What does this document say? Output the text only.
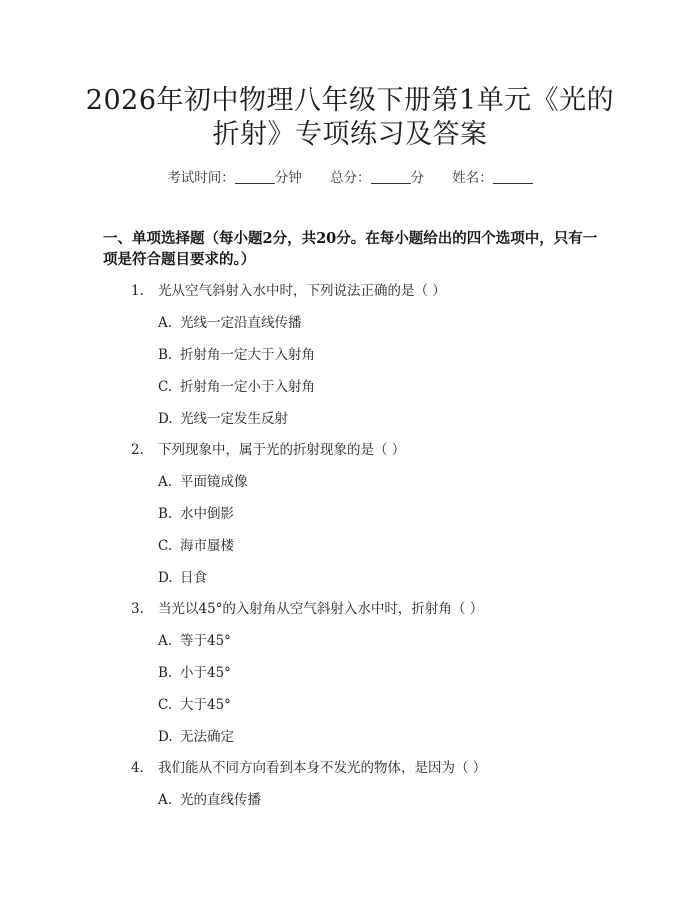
2026年初中物理八年级下册第1单元《光的
折射》专项练习及答案
考试时间：	分钟 总分：	分 姓名：
一、单项选择题（每小题2分，共20分。在每小题给出的四个选项中，只有一项是符合题目要求的。）
1. 光从空气斜射入水中时，下列说法正确的是（ ）
A. 光线一定沿直线传播
B. 折射角一定大于入射角
C. 折射角一定小于入射角
D. 光线一定发生反射
2. 下列现象中，属于光的折射现象的是（ ）
A. 平面镜成像
B. 水中倒影
C. 海市蜃楼
D. 日食
3. 当光以45°的入射角从空气斜射入水中时，折射角（ ）
A. 等于45°
B. 小于45°
C. 大于45°
D. 无法确定
4. 我们能从不同方向看到本身不发光的物体，是因为（ ）
A. 光的直线传播
